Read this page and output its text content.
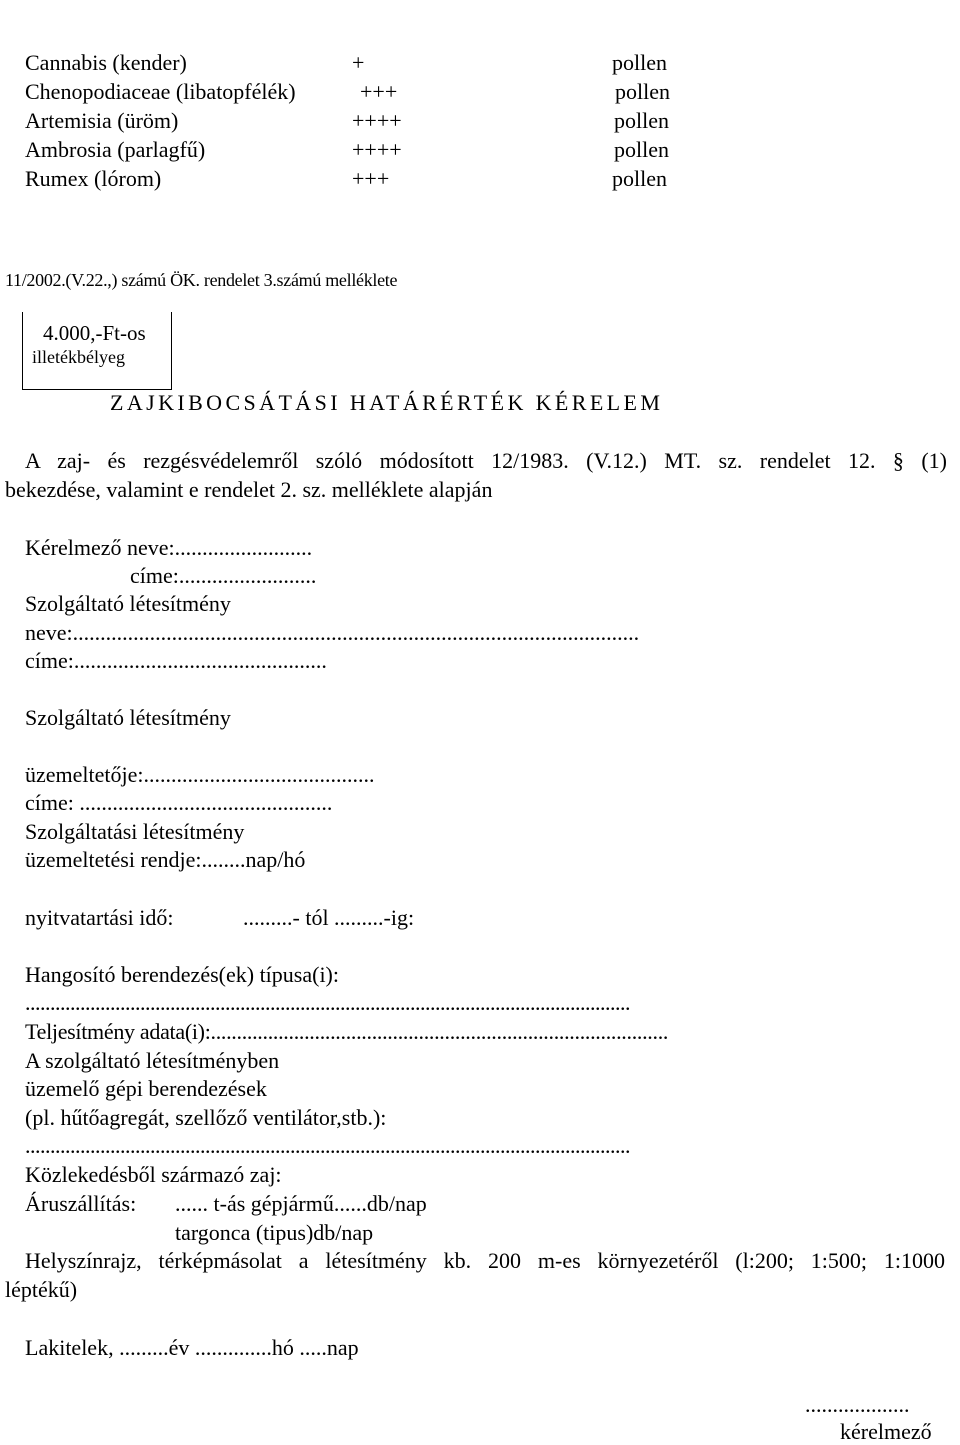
Cannabis (kender)	+	pollen
Chenopodiaceae (libatopfélék)	+++	pollen
Artemisia (üröm)	++++	pollen
Ambrosia (parlagfű)	++++	pollen
Rumex (lórom)	+++	pollen
11/2002.(V.22.,) számú ÖK. rendelet 3.számú melléklete
4.000,-Ft-os
illetékbélyeg
ZAJKIBOCSÁTÁSI HATÁRÉRTÉK KÉRELEM
A zaj- és rezgésvédelemről szóló módosított 12/1983. (V.12.) MT. sz. rendelet 12. § (1)
bekezdése, valamint e rendelet 2. sz. melléklete alapján
Kérelmező neve:.........................
címe:.........................
Szolgáltató létesítmény
neve:.......................................................................................................
címe:..............................................
Szolgáltató létesítmény
üzemeltetője:..........................................
címe: ..............................................
Szolgáltatási létesítmény
üzemeltetési rendje:........nap/hó
nyitvatartási idő:	.........- tól .........-ig:
Hangosító berendezés(ek) típusa(i):
.........................................................................................................................
Teljesítmény adata(i):........................................................................................
A szolgáltató létesítményben
üzemelő gépi berendezések
(pl. hűtőagregát, szellőző ventilátor,stb.):
.........................................................................................................................
Közlekedésből származó zaj:
Áruszállítás: ...... t-ás gépjármű......db/nap
targonca (tipus)db/nap
Helyszínrajz, térképmásolat a létesítmény kb. 200 m-es környezetéről (l:200; 1:500; 1:1000
léptékű)
Lakitelek, .........év ..............hó .....nap
...................
kérelmező
